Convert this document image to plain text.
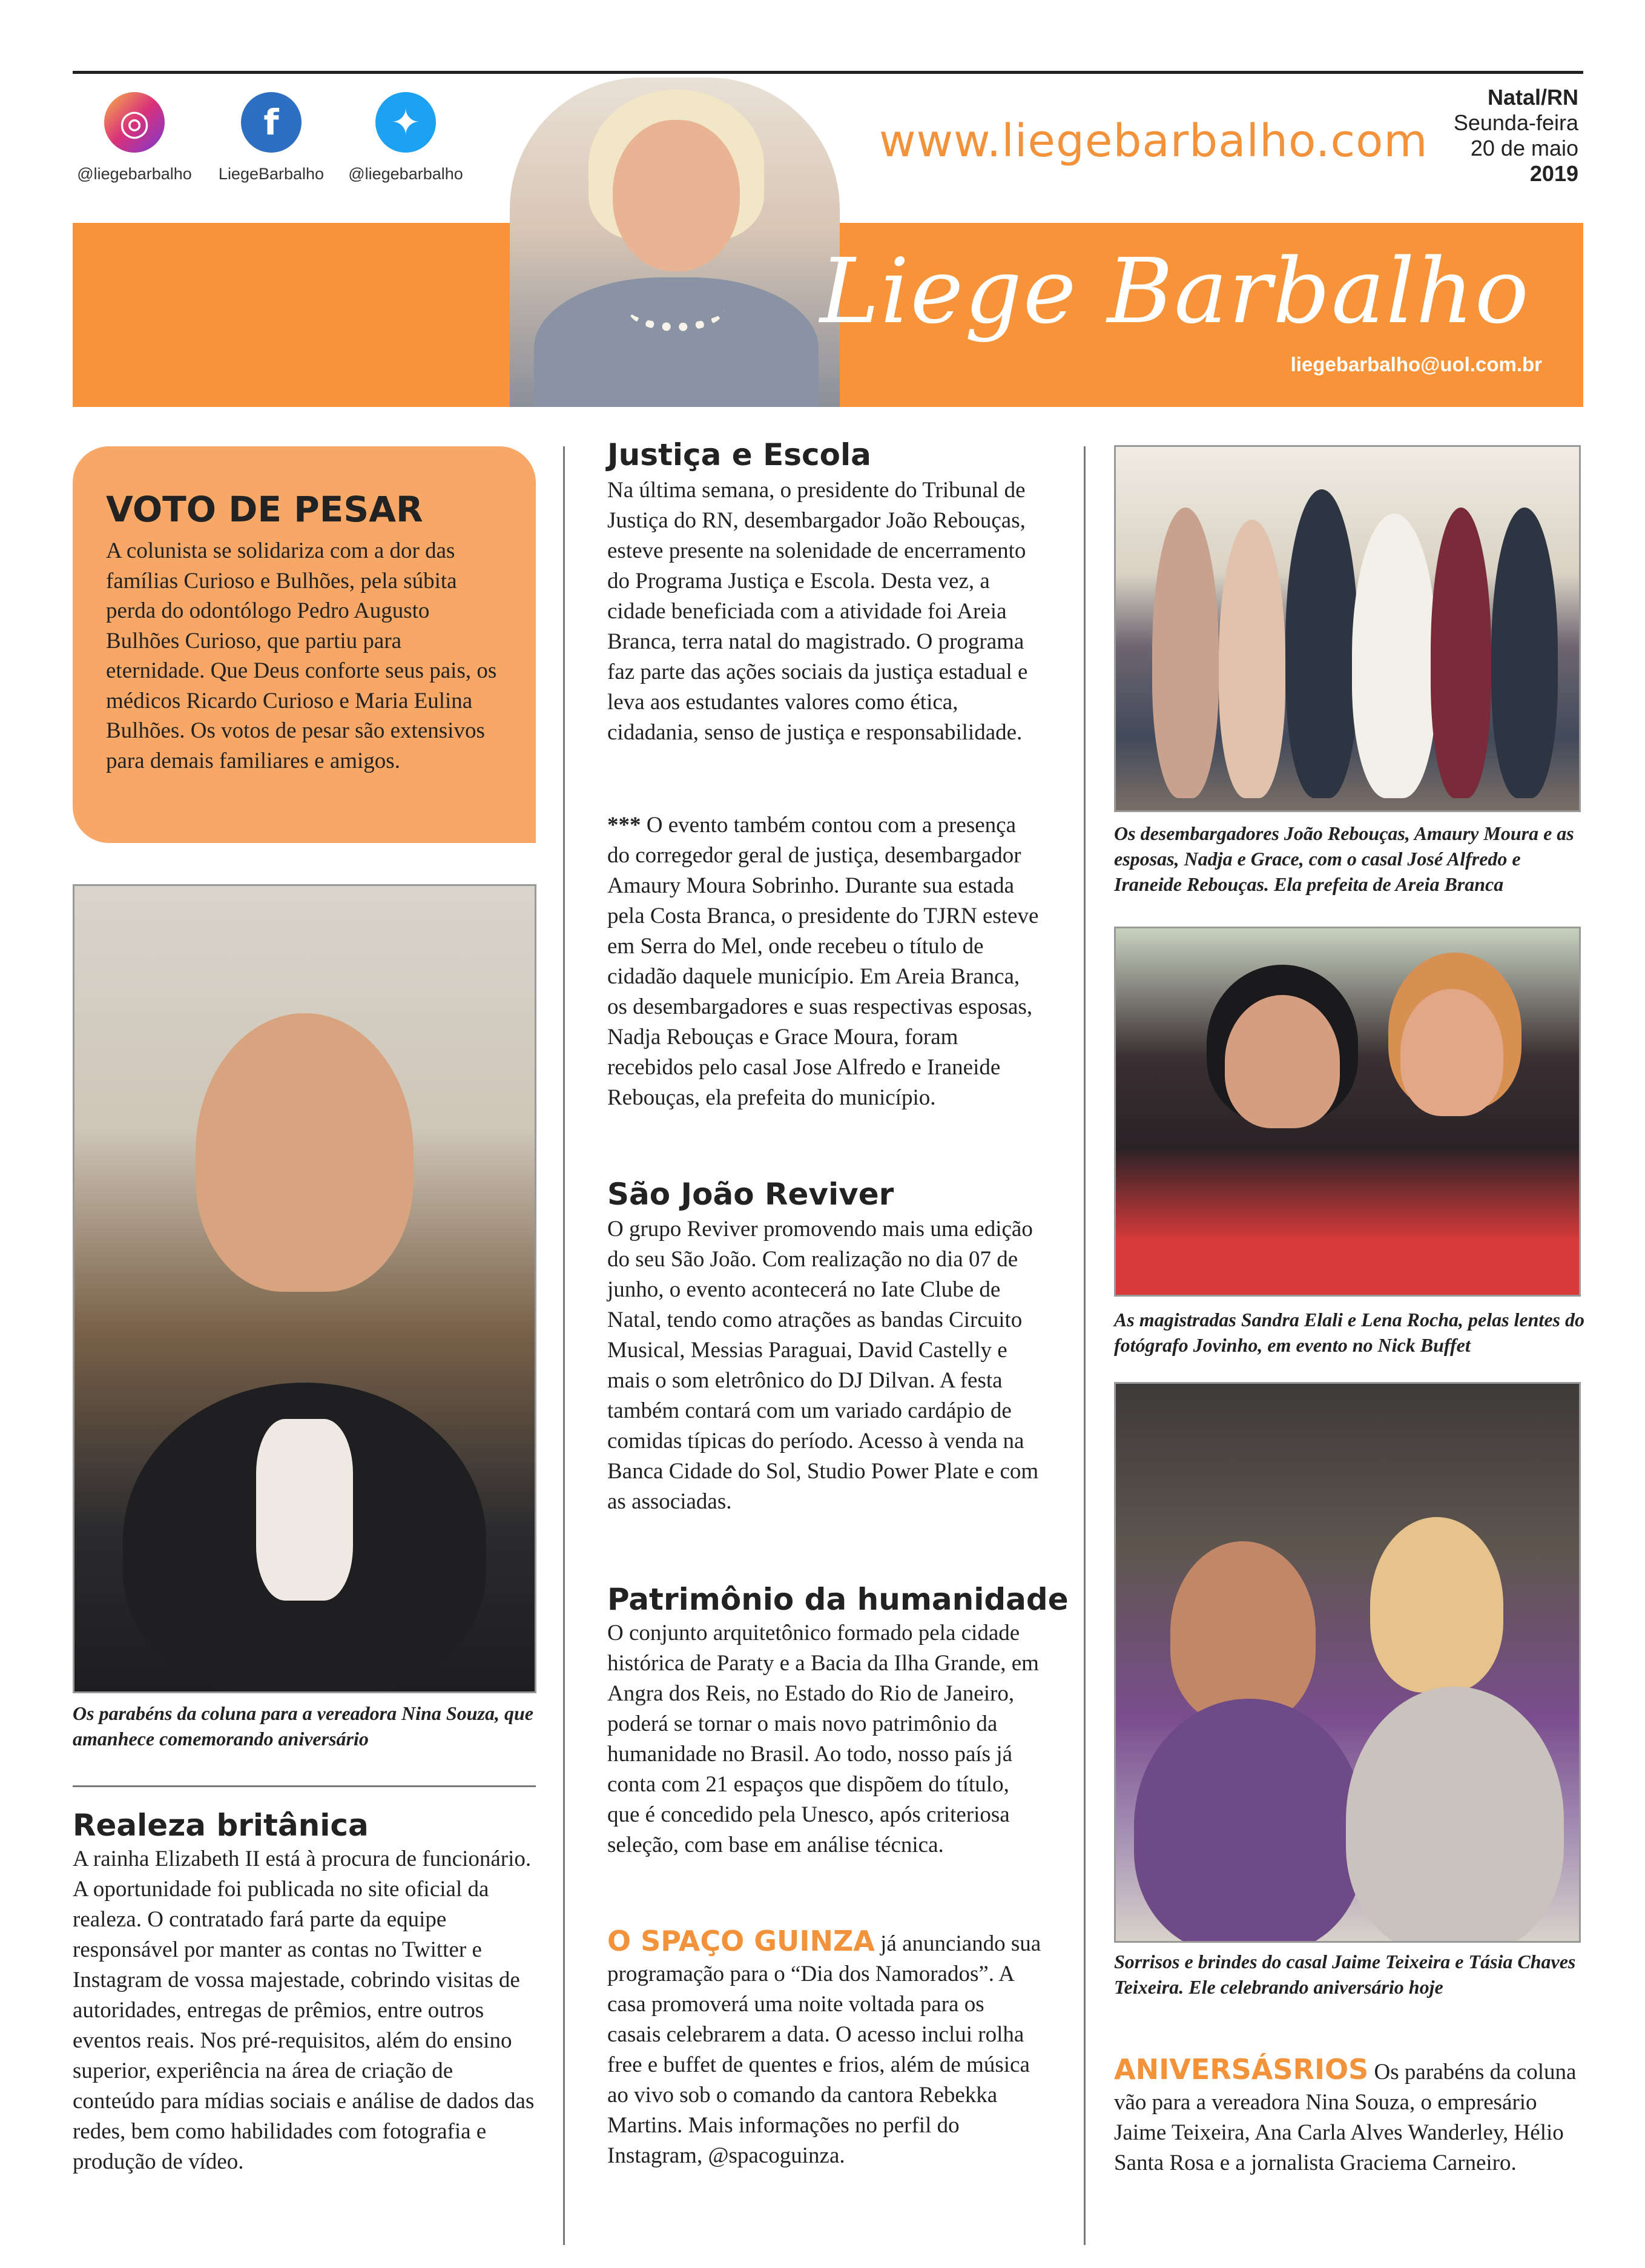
◎
@liegebarbalho
f
LiegeBarbalho
✦
@liegebarbalho
www.liegebarbalho.com
Natal/RN
Seunda-feira
20 de maio
2019
Liege Barbalho
liegebarbalho@uol.com.br
VOTO DE PESAR

A colunista se solidariza com a dor das famílias Curioso e Bulhões, pela súbita perda do odontólogo Pedro Augusto Bulhões Curioso, que partiu para eternidade. Que Deus conforte seus pais, os médicos Ricardo Curioso e Maria Eulina Bulhões. Os votos de pesar são extensivos para demais familiares e amigos.

Os parabéns da coluna para a vereadora Nina Souza, que amanhece comemorando aniversário

Realeza britânica

A rainha Elizabeth II está à procura de funcionário. A oportunidade foi publicada no site oficial da realeza. O contratado fará parte da equipe responsável por manter as contas no Twitter e Instagram de vossa majestade, cobrindo visitas de autoridades, entregas de prêmios, entre outros eventos reais. Nos pré-requisitos, além do ensino superior, experiência na área de criação de conteúdo para mídias sociais e análise de dados das redes, bem como habilidades com fotografia e produção de vídeo.

Justiça e Escola

Na última semana, o presidente do Tribunal de Justiça do RN, desembargador João Rebouças, esteve presente na solenidade de encerramento do Programa Justiça e Escola. Desta vez, a cidade beneficiada com a atividade foi Areia Branca, terra natal do magistrado. O programa faz parte das ações sociais da justiça estadual e leva aos estudantes valores como ética, cidadania, senso de justiça e responsabilidade.

*** O evento também contou com a presença do corregedor geral de justiça, desembargador Amaury Moura Sobrinho. Durante sua estada pela Costa Branca, o presidente do TJRN esteve em Serra do Mel, onde recebeu o título de cidadão daquele município. Em Areia Branca, os desembargadores e suas respectivas esposas, Nadja Rebouças e Grace Moura, foram recebidos pelo casal Jose Alfredo e Iraneide Rebouças, ela prefeita do município.

São João Reviver

O grupo Reviver promovendo mais uma edição do seu São João. Com realização no dia 07 de junho, o evento acontecerá no Iate Clube de Natal, tendo como atrações as bandas Circuito Musical, Messias Paraguai, David Castelly e mais o som eletrônico do DJ Dilvan. A festa também contará com um variado cardápio de comidas típicas do período. Acesso à venda na Banca Cidade do Sol, Studio Power Plate e com as associadas.

Patrimônio da humanidade

O conjunto arquitetônico formado pela cidade histórica de Paraty e a Bacia da Ilha Grande, em Angra dos Reis, no Estado do Rio de Janeiro, poderá se tornar o mais novo patrimônio da humanidade no Brasil. Ao todo, nosso país já conta com 21 espaços que dispõem do título, que é concedido pela Unesco, após criteriosa seleção, com base em análise técnica.

O SPAÇO GUINZA já anunciando sua programação para o “Dia dos Namorados”. A casa promoverá uma noite voltada para os casais celebrarem a data. O acesso inclui rolha free e buffet de quentes e frios, além de música ao vivo sob o comando da cantora Rebekka Martins. Mais informações no perfil do Instagram, @spacoguinza.

Os desembargadores João Rebouças, Amaury Moura e as esposas, Nadja e Grace, com o casal José Alfredo e Iraneide Rebouças. Ela prefeita de Areia Branca

As magistradas Sandra Elali e Lena Rocha, pelas lentes do fotógrafo Jovinho, em evento no Nick Buffet

Sorrisos e brindes do casal Jaime Teixeira e Tásia Chaves Teixeira. Ele celebrando aniversário hoje

ANIVERSÁSRIOS Os parabéns da coluna vão para a vereadora Nina Souza, o empresário Jaime Teixeira, Ana Carla Alves Wanderley, Hélio Santa Rosa e a jornalista Graciema Carneiro.
